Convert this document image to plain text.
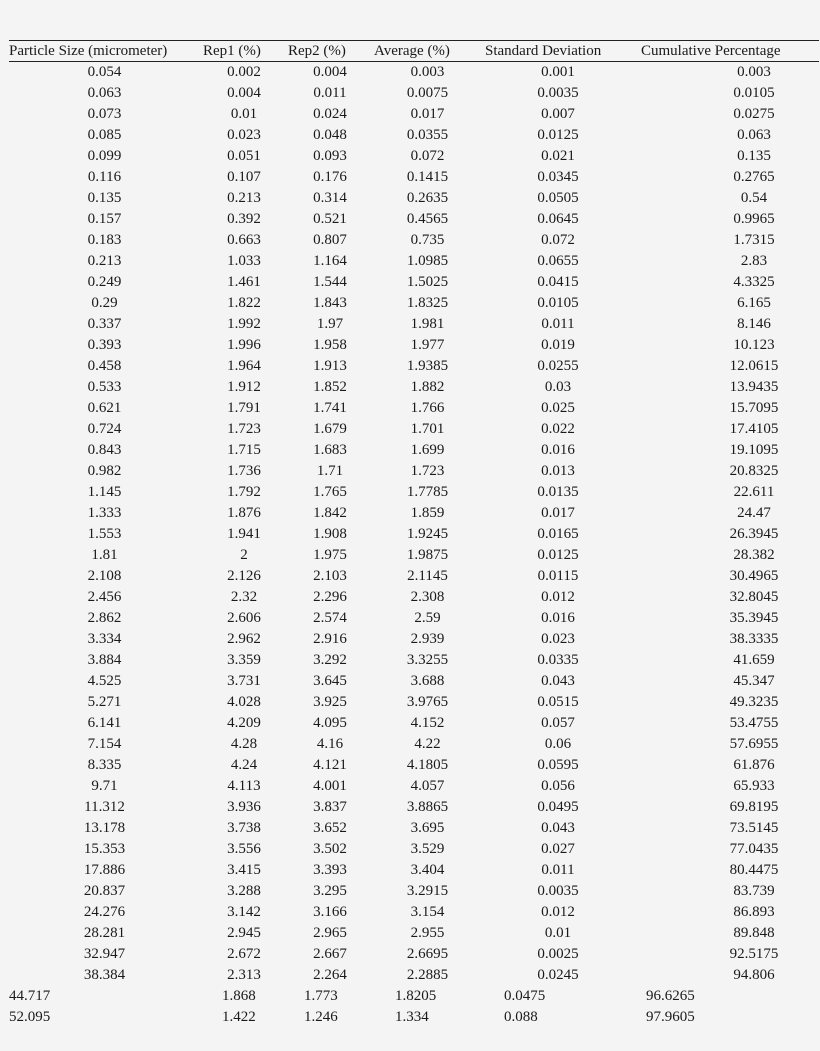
Particle Size (micrometer)	Rep1 (%)	Rep2 (%)	Average (%)	Standard Deviation	Cumulative Percentage
0.054	0.002	0.004	0.003	0.001	0.003
0.063	0.004	0.011	0.0075	0.0035	0.0105
0.073	0.01	0.024	0.017	0.007	0.0275
0.085	0.023	0.048	0.0355	0.0125	0.063
0.099	0.051	0.093	0.072	0.021	0.135
0.116	0.107	0.176	0.1415	0.0345	0.2765
0.135	0.213	0.314	0.2635	0.0505	0.54
0.157	0.392	0.521	0.4565	0.0645	0.9965
0.183	0.663	0.807	0.735	0.072	1.7315
0.213	1.033	1.164	1.0985	0.0655	2.83
0.249	1.461	1.544	1.5025	0.0415	4.3325
0.29	1.822	1.843	1.8325	0.0105	6.165
0.337	1.992	1.97	1.981	0.011	8.146
0.393	1.996	1.958	1.977	0.019	10.123
0.458	1.964	1.913	1.9385	0.0255	12.0615
0.533	1.912	1.852	1.882	0.03	13.9435
0.621	1.791	1.741	1.766	0.025	15.7095
0.724	1.723	1.679	1.701	0.022	17.4105
0.843	1.715	1.683	1.699	0.016	19.1095
0.982	1.736	1.71	1.723	0.013	20.8325
1.145	1.792	1.765	1.7785	0.0135	22.611
1.333	1.876	1.842	1.859	0.017	24.47
1.553	1.941	1.908	1.9245	0.0165	26.3945
1.81	2	1.975	1.9875	0.0125	28.382
2.108	2.126	2.103	2.1145	0.0115	30.4965
2.456	2.32	2.296	2.308	0.012	32.8045
2.862	2.606	2.574	2.59	0.016	35.3945
3.334	2.962	2.916	2.939	0.023	38.3335
3.884	3.359	3.292	3.3255	0.0335	41.659
4.525	3.731	3.645	3.688	0.043	45.347
5.271	4.028	3.925	3.9765	0.0515	49.3235
6.141	4.209	4.095	4.152	0.057	53.4755
7.154	4.28	4.16	4.22	0.06	57.6955
8.335	4.24	4.121	4.1805	0.0595	61.876
9.71	4.113	4.001	4.057	0.056	65.933
11.312	3.936	3.837	3.8865	0.0495	69.8195
13.178	3.738	3.652	3.695	0.043	73.5145
15.353	3.556	3.502	3.529	0.027	77.0435
17.886	3.415	3.393	3.404	0.011	80.4475
20.837	3.288	3.295	3.2915	0.0035	83.739
24.276	3.142	3.166	3.154	0.012	86.893
28.281	2.945	2.965	2.955	0.01	89.848
32.947	2.672	2.667	2.6695	0.0025	92.5175
38.384	2.313	2.264	2.2885	0.0245	94.806
44.717	1.868	1.773	1.8205	0.0475	96.6265
52.095	1.422	1.246	1.334	0.088	97.9605
